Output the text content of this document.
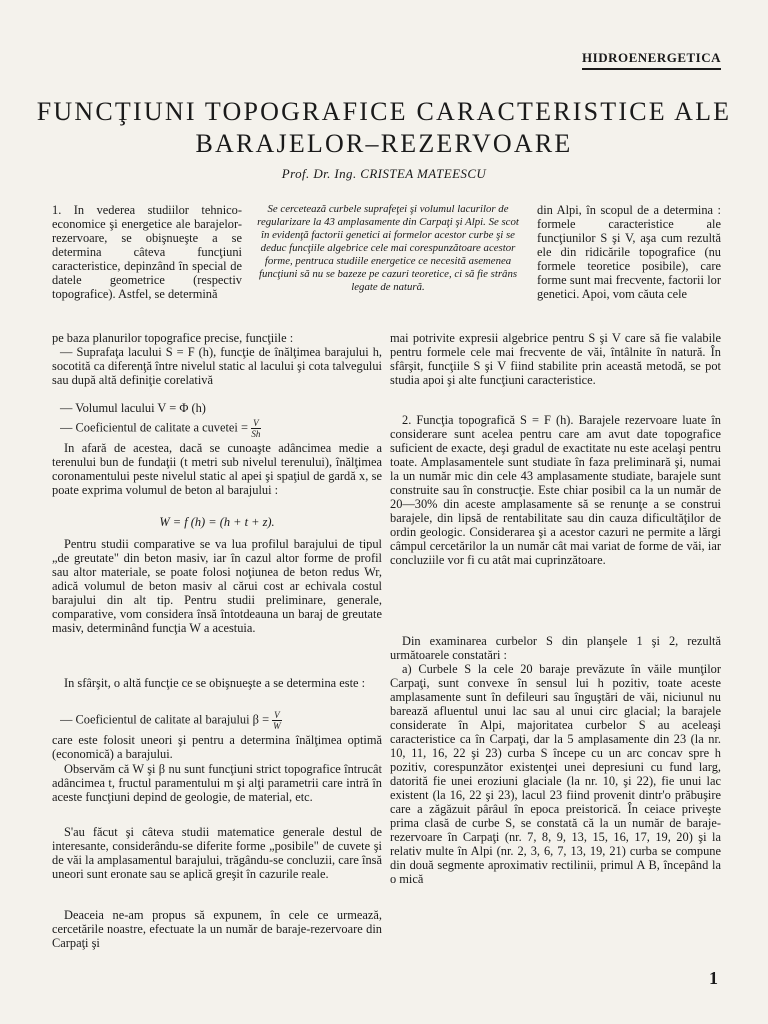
HIDROENERGETICA
FUNCŢIUNI TOPOGRAFICE CARACTERISTICE ALE BARAJELOR–REZERVOARE
Prof. Dr. Ing. CRISTEA MATEESCU

Se cercetează curbele suprafeţei şi volumul lacurilor de regularizare la 43 amplasamente din Carpaţi şi Alpi. Se scot în evidenţă factorii genetici ai formelor acestor curbe şi se deduc funcţiile algebrice cele mai corespunzătoare acestor forme, pentruca studiile energetice ce necesită asemenea funcţiuni să nu se bazeze pe cazuri teoretice, ci să fie strâns legate de natură.

1. In vederea studiilor tehnico-economice şi energetice ale barajelor-rezervoare, se obişnueşte a se determina câteva funcţiuni caracteristice, depinzând în special de datele geometrice (respectiv topografice). Astfel, se determină

pe baza planurilor topografice precise, funcţiile :

— Suprafaţa lacului S = F (h), funcţie de înălţimea barajului h, socotită ca diferenţă între nivelul static al lacului şi cota talvegului sau după altă definiţie corelativă

— Volumul lacului V = Φ (h)

— Coeficientul de calitate a cuvetei = $\frac{V}{Sh}$

In afară de acestea, dacă se cunoaşte adâncimea medie a terenului bun de fundaţii (t metri sub nivelul terenului), înălţimea coronamentului peste nivelul static al apei şi spaţiul de gardă x, se poate exprima volumul de beton al barajului :

W = f (h) = (h + t + z).

Pentru studii comparative se va lua profilul barajului de tipul „de greutate" din beton masiv, iar în cazul altor forme de profil sau altor materiale, se poate folosi noţiunea de beton redus Wr, adică volumul de beton masiv al cărui cost ar echivala costul barajului din alt tip. Pentru studii preliminare, generale, comparative, vom considera însă întotdeauna un baraj de greutate masiv, determinând funcţia W a acestuia.

In sfârşit, o altă funcţie ce se obişnueşte a se determina este :

— Coeficientul de calitate al barajului $\beta = \frac{V}{W}$

care este folosit uneori şi pentru a determina înălţimea optimă (economică) a barajului.

Observăm că W şi β nu sunt funcţiuni strict topografice întrucât adâncimea t, fructul paramentului m şi alţi parametrii care intră în aceste funcţiuni depind de geologie, de material, etc.

S'au făcut şi câteva studii matematice generale destul de interesante, considerându-se diferite forme „posibile" de cuvete şi de văi la amplasamentul barajului, trăgându-se concluzii, care însă uneori sunt eronate sau se aplică greşit în cazurile reale.

Deaceia ne-am propus să expunem, în cele ce urmează, cercetările noastre, efectuate la un număr de baraje-rezervoare din Carpaţi şi

din Alpi, în scopul de a determina : formele caracteristice ale funcţiunilor S şi V, aşa cum rezultă ele din ridicările topografice (nu formele teoretice posibile), care forme sunt mai frecvente, factorii lor genetici. Apoi, vom căuta cele

mai potrivite expresii algebrice pentru S şi V care să fie valabile pentru formele cele mai frecvente de văi, întâlnite în natură. În sfârşit, funcţiile S şi V fiind stabilite prin această metodă, se pot studia apoi şi alte funcţiuni caracteristice.

2. Funcţia topografică S = F (h). Barajele rezervoare luate în considerare sunt acelea pentru care am avut date topografice suficient de exacte, deşi gradul de exactitate nu este acelaşi pentru toate. Amplasamentele sunt studiate în faza preliminară şi, numai la un număr mic din cele 43 amplasamente studiate, barajele sunt construite sau în construcţie. Este chiar posibil ca la un număr de 20—30% din aceste amplasamente să se renunţe a se construi barajele, din lipsă de rentabilitate sau din cauza dificultăţilor de ordin geologic. Considerarea şi a acestor cazuri ne permite a lărgi câmpul cercetărilor la un număr cât mai variat de forme de văi, iar concluziile vor fi cu atât mai cuprinzătoare.

Din examinarea curbelor S din planşele 1 şi 2, rezultă următoarele constatări :

a) Curbele S la cele 20 baraje prevăzute în văile munţilor Carpaţi, sunt convexe în sensul lui h pozitiv, toate aceste amplasamente sunt în defileuri sau înguştări de văi, niciunul nu barează afluentul unui lac sau al unui circ glacial; la barajele considerate în Alpi, majoritatea curbelor S au aceleaşi caracteristice ca în Carpaţi, dar la 5 amplasamente din 23 (la nr. 10, 11, 16, 22 şi 23) curba S începe cu un arc concav spre h pozitiv, corespunzător existenţei unei depresiuni cu fund larg, datorită fie unei eroziuni glaciale (la nr. 10, şi 22), fie unui lac existent (la 16, 22 şi 23), lacul 23 fiind provenit dintr'o prăbuşire care a zăgăzuit pârâul în epoca preistorică. În ceiace priveşte prima clasă de curbe S, se constată că la un număr de baraje-rezervoare în Carpaţi (nr. 7, 8, 9, 13, 15, 16, 17, 19, 20) şi la relativ multe în Alpi (nr. 2, 3, 6, 7, 13, 19, 21) curba se compune din două segmente aproximativ rectilinii, primul A B, începând la o mică

1
